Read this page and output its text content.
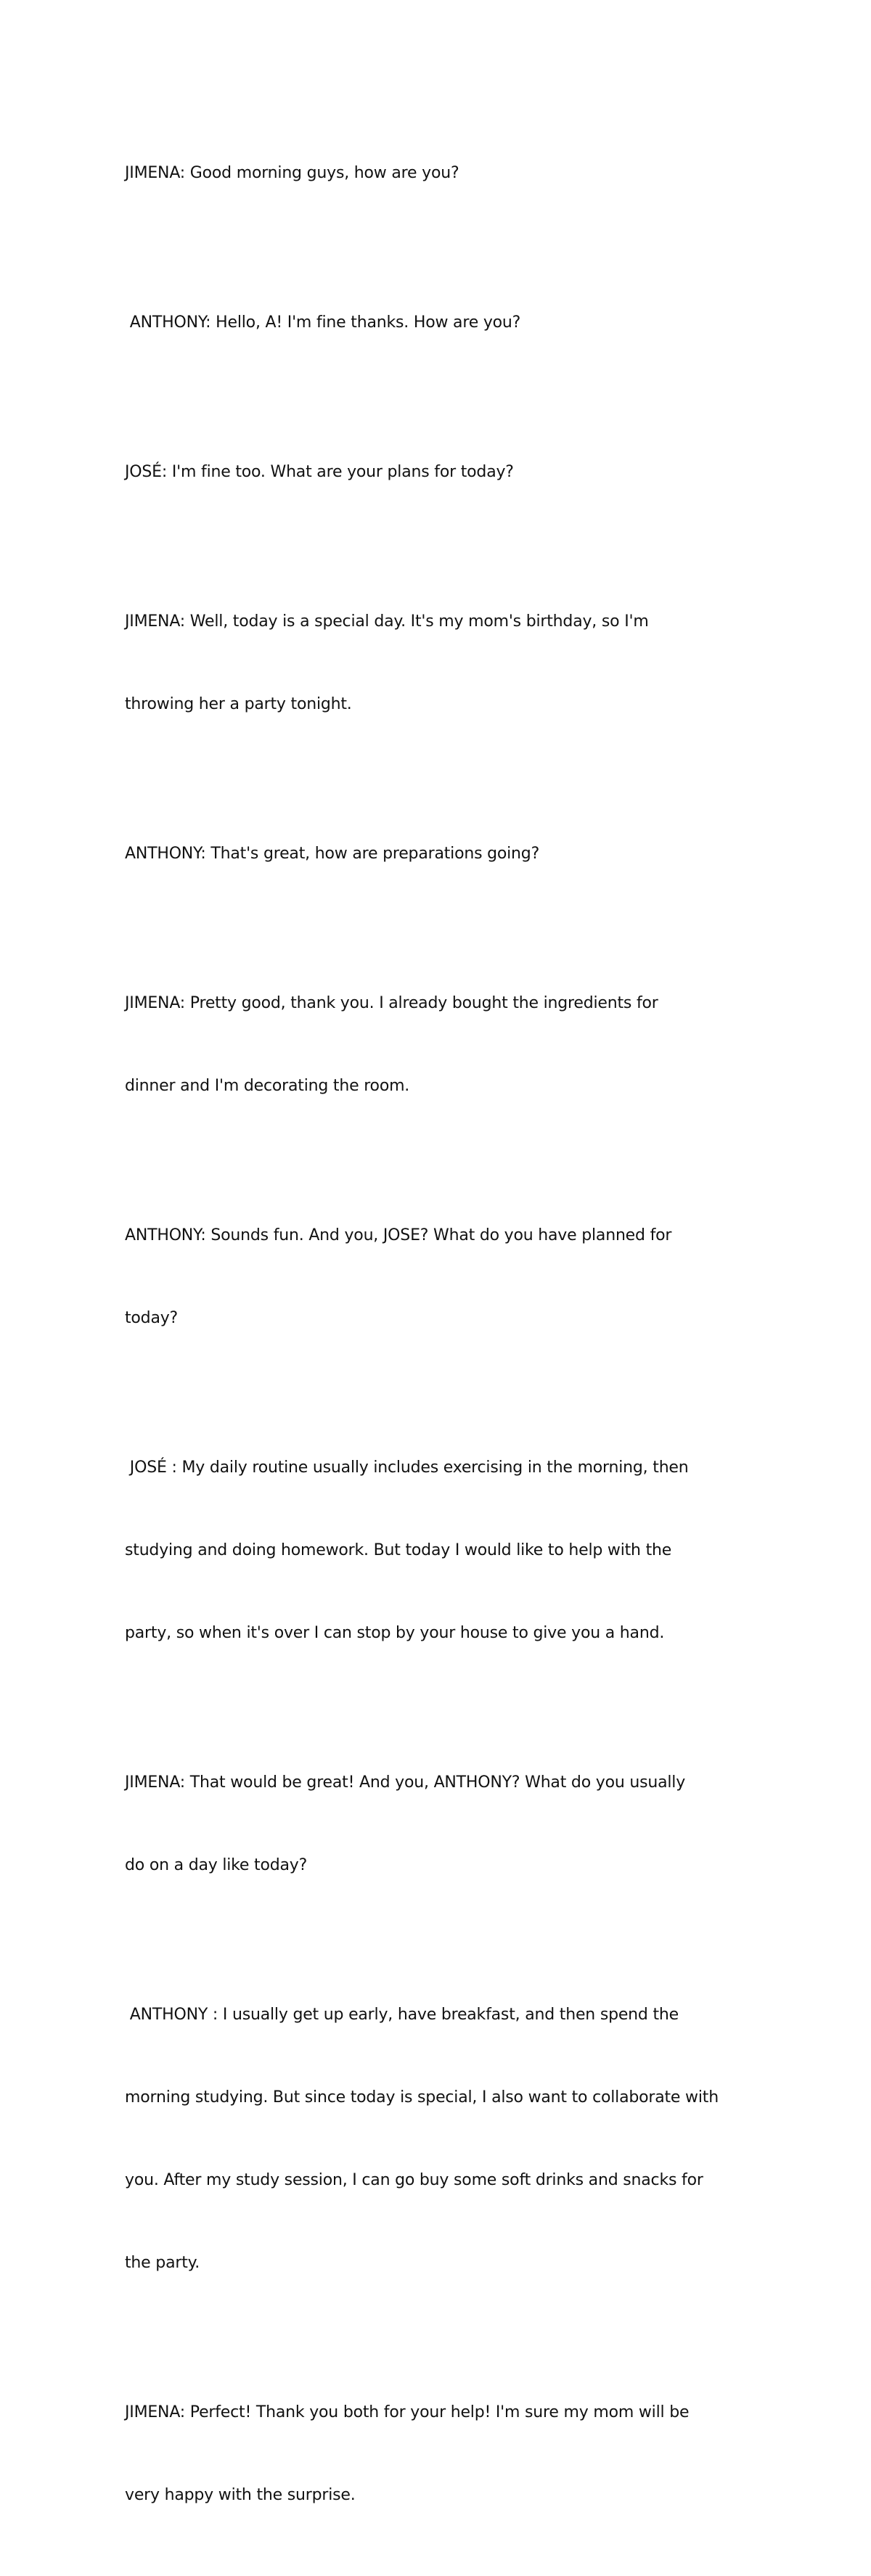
JIMENA: Good morning guys, how are you?

ANTHONY: Hello, A! I'm fine thanks. How are you?

JOSÉ: I'm fine too. What are your plans for today?

JIMENA: Well, today is a special day. It's my mom's birthday, so I'm

throwing her a party tonight.

ANTHONY: That's great, how are preparations going?

JIMENA: Pretty good, thank you. I already bought the ingredients for

dinner and I'm decorating the room.

ANTHONY: Sounds fun. And you, JOSE? What do you have planned for

today?

JOSÉ : My daily routine usually includes exercising in the morning, then

studying and doing homework. But today I would like to help with the

party, so when it's over I can stop by your house to give you a hand.

JIMENA: That would be great! And you, ANTHONY? What do you usually

do on a day like today?

ANTHONY : I usually get up early, have breakfast, and then spend the

morning studying. But since today is special, I also want to collaborate with

you. After my study session, I can go buy some soft drinks and snacks for

the party.

JIMENA: Perfect! Thank you both for your help! I'm sure my mom will be

very happy with the surprise.
